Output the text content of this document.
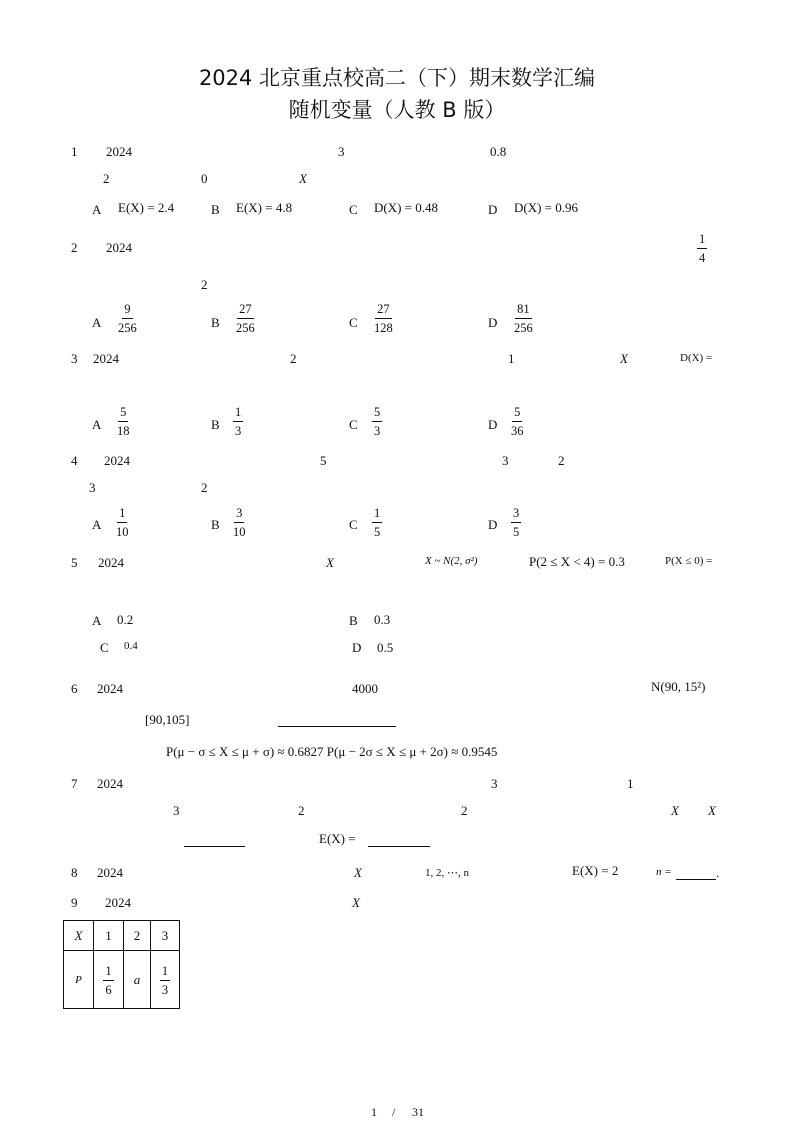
2024 北京重点校高二（下）期末数学汇编
随机变量（人教 B 版）
1 2024	3	0.8
2	0	X
A E(X) = 2.4	B E(X) = 4.8	C D(X) = 0.48	D D(X) = 0.96
2 2024	$\frac{1}{4}$
2
A $\frac{9}{256}$	B $\frac{27}{256}$	C $\frac{27}{128}$	D $\frac{81}{256}$
3 2024	2	1	X	D(X) =
A $\frac{5}{18}$	B $\frac{1}{3}$	C $\frac{5}{3}$	D $\frac{5}{36}$
4 2024	5	3	2
3	2
A $\frac{1}{10}$	B $\frac{3}{10}$	C $\frac{1}{5}$	D $\frac{3}{5}$
5 2024	X	X ~ N(2, σ²)	P(2 ≤ X < 4) = 0.3	P(X ≤ 0) =
A 0.2	B 0.3
C 0.4	D 0.5
6 2024	4000	N(90, 15²)
[90,105]
P(μ − σ ≤ X ≤ μ + σ) ≈ 0.6827 P(μ − 2σ ≤ X ≤ μ + 2σ) ≈ 0.9545
7 2024	3	1
3	2	2	X X
E(X) =
8 2024	X	1, 2, ⋯, n	E(X) = 2	n =	.
9 2024	X
X	1	2	3
P	$\frac{1}{6}$	a	$\frac{1}{3}$
1 / 31
